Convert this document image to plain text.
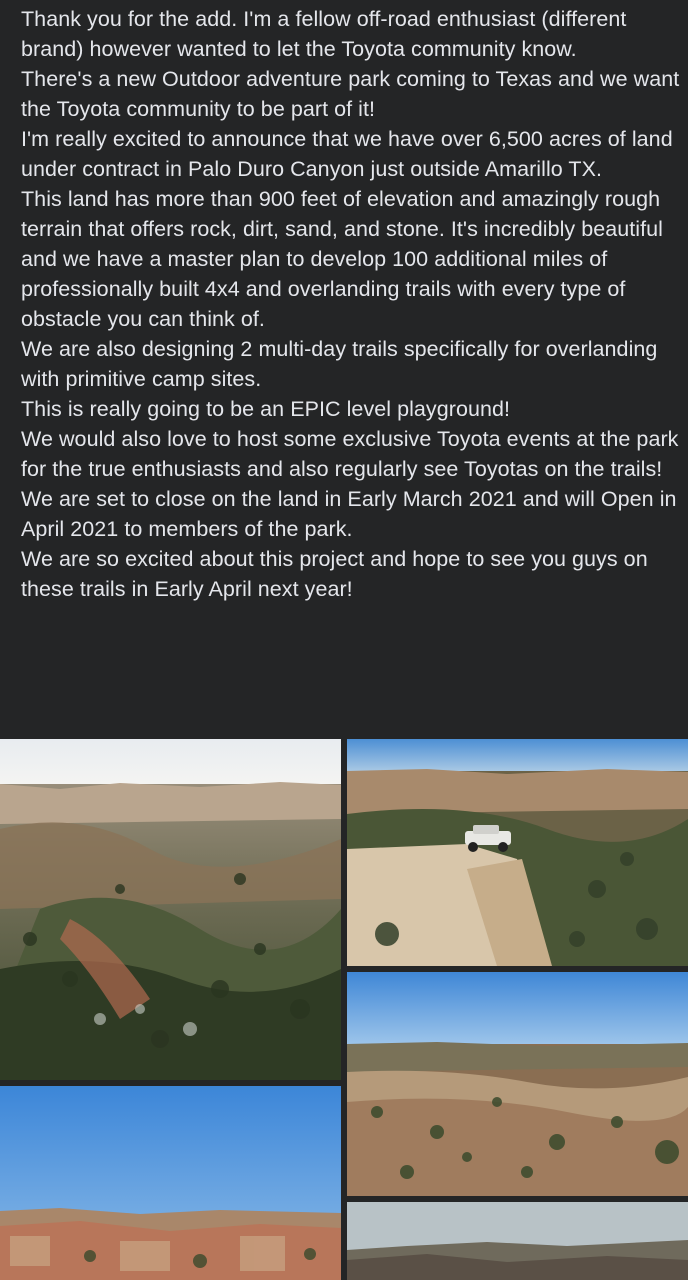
Thank you for the add. I'm a fellow off-road enthusiast (different brand) however wanted to let the Toyota community know.

There's a new Outdoor adventure park coming to Texas and we want the Toyota community to be part of it!

I'm really excited to announce that we have over 6,500 acres of land under contract in Palo Duro Canyon just outside Amarillo TX.

This land has more than 900 feet of elevation and amazingly rough terrain that offers rock, dirt, sand, and stone. It's incredibly beautiful and we have a master plan to develop 100 additional miles of professionally built 4x4 and overlanding trails with every type of obstacle you can think of.

We are also designing 2 multi-day trails specifically for overlanding with primitive camp sites.

This is really going to be an EPIC level playground!

We would also love to host some exclusive Toyota events at the park for the true enthusiasts and also regularly see Toyotas on the trails!

We are set to close on the land in Early March 2021 and will Open in April 2021 to members of the park.

We are so excited about this project and hope to see you guys on these trails in Early April next year!
